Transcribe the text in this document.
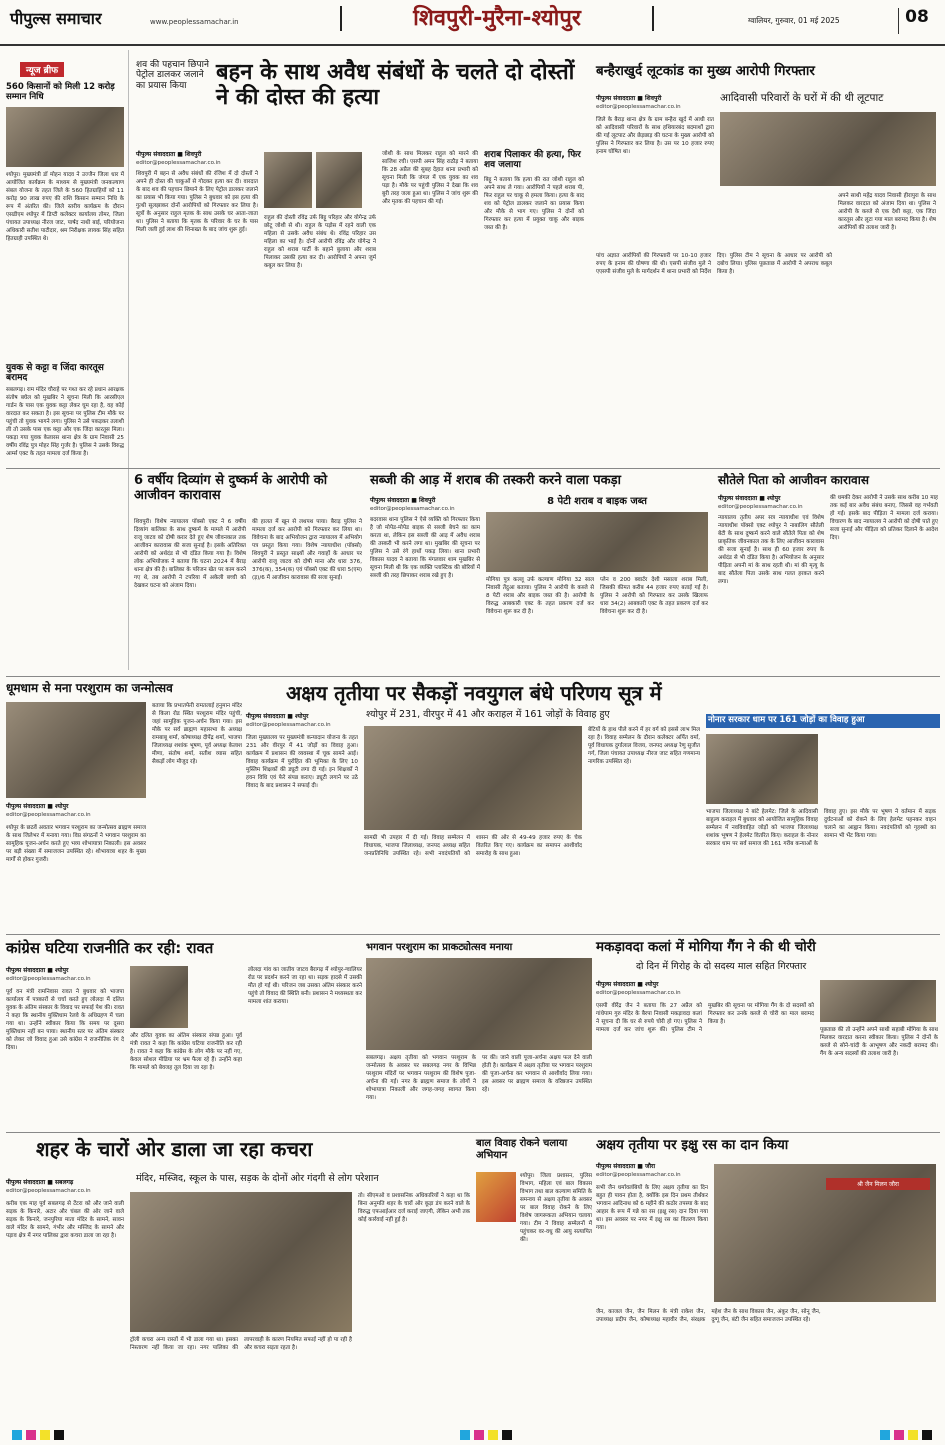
पीपुल्स समाचार	www.peoplessamachar.in	शिवपुरी-मुरैना-श्योपुर	ग्वालियर, गुरुवार, 01 मई 2025	08
न्यूज ब्रीफ
560 किसानों को मिली 12 करोड़ सम्मान निधि
श्योपुर। मुख्यमंत्री डॉ मोहन यादव ने उज्जैन जिला धार में आयोजित कार्यक्रम के माध्यम से मुख्यमंत्री जनकल्याण संबल योजना के तहत जिले के 560 हितग्राहियों को 11 करोड़ 90 लाख रुपए की राशि किसान सम्मान निधि के रूप में अंतरित की। जिले स्तरीय कार्यक्रम के दौरान एसडीएम श्योपुर में डिप्टी कलेक्टर कार्यालय तोमर, जिला पंचायत उपाध्यक्ष नीरज जाट, पार्षद नाथी बाई, परियोजना अधिकारी सतीश पाटीदार, श्रम निरीक्षक लायक सिंह सहित हितग्राही उपस्थित थे।
युवक से कट्टा व जिंदा कारतूस बरामद
सबलगढ़। राम मंदिर चौराहे पर गश्त कर रहे प्रधान आरक्षक संतोष बघेल को मुखबिर ने सूचना मिली कि आरसीएल गार्डन के पास एक युवक कट्टा लेकर घूम रहा है, वह कोई वारदात कर सकता है। इस सूचना पर पुलिस टीम मौके पर पहुंची तो युवक भागने लगा। पुलिस ने उसे पकड़कर तलाशी ली तो उसके पास एक कट्टा और एक जिंदा कारतूस मिला। पकड़ा गया युवक केलारस थाना क्षेत्र के ग्राम निवासी 25 वर्षीय रविंद्र पुत्र मोहर सिंह गुर्जर है। पुलिस ने उसके विरुद्ध आर्म्स एक्ट के तहत मामला दर्ज किया है।
शव की पहचान छिपाने पेट्रोल डालकर जलाने का प्रयास किया
बहन के साथ अवैध संबंधों के चलते दो दोस्तों ने की दोस्त की हत्या
पीपुल्स संवाददाता ■ शिवपुरी
editor@peoplessamachar.co.in
शिवपुरी में बहन से अवैध संबंधों की रंजिश में दो दोस्तों ने अपने ही दोस्त की चाकुओं से गोदकर हत्या कर दी। वारदात के बाद शव की पहचान छिपाने के लिए पेट्रोल डालकर जलाने का प्रयास भी किया गया। पुलिस ने बुधवार को इस हत्या की गुत्थी सुलझाकर दोनों आरोपियों को गिरफ्तार कर लिया है। सूत्रों के अनुसार राहुल मृतक के साथ उसके घर आता-जाता था। पुलिस ने बताया कि मृतक के परिवार के घर के पास मिली जली हुई लाश की शिनाख्त के बाद जांच शुरू हुई।
राहुल की दोस्ती रविंद्र उर्फ बिट्टू परिहार और योगेन्द्र उर्फ छोटू जोशी से थी। राहुल के पड़ोस में रहने वाली एक महिला से उसके अवैध संबंध थे। रविंद्र परिहार उस महिला का भाई है। दोनों आरोपी रविंद्र और योगेन्द्र ने राहुल को शराब पार्टी के बहाने बुलाया और शराब पिलाकर उसकी हत्या कर दी। आरोपियों ने अपना जुर्म कबूल कर लिया है।
जोशी के साथ मिलकर राहुल को मारने की साजिश रची। एसपी अमन सिंह राठौड़ ने बताया कि 28 अप्रैल की सुबह देहात थाना प्रभारी को सूचना मिली कि जंगल में एक युवक का शव पड़ा है। मौके पर पहुंची पुलिस ने देखा कि शव बुरी तरह जला हुआ था। पुलिस ने जांच शुरू की और मृतक की पहचान की गई।
शराब पिलाकर की हत्या, फिर शव जलाया
बिट्टू ने बताया कि हत्या की रात जोशी राहुल को अपने साथ ले गया। आरोपियों ने पहले शराब पी, फिर राहुल पर चाकू से हमला किया। हत्या के बाद शव को पेट्रोल डालकर जलाने का प्रयास किया और मौके से भाग गए। पुलिस ने दोनों को गिरफ्तार कर हत्या में प्रयुक्त चाकू और बाइक जब्त की है।
बन्हैराखुर्द लूटकांड का मुख्य आरोपी गिरफ्तार
पीपुल्स संवाददाता ■ शिवपुरी
editor@peoplessamachar.co.in
आदिवासी परिवारों के घरों में की थी लूटपाट
जिले के बैराड़ थाना क्षेत्र के ग्राम बन्हैरा खुर्द में आधी रात को आदिवासी परिवारों के साथ हथियारबंद बदमाशों द्वारा की गई लूटपाट और छेड़छाड़ की घटना के मुख्य आरोपी को पुलिस ने गिरफ्तार कर लिया है। उस पर 10 हजार रुपए इनाम घोषित था।
पांच अज्ञात आरोपियों की गिरफ्तारी पर 10-10 हजार रुपए के इनाम की घोषणा की थी। एसपी संजीव मुले ने एएसपी संजीव मुले के मार्गदर्शन में थाना प्रभारी को निर्देश दिए। पुलिस टीम ने सूचना के आधार पर आरोपी को दबोच लिया। पुलिस पूछताछ में आरोपी ने अपराध कबूल किया है।
अपने साथी महेंद्र यादव निवासी हीरापुरा के साथ मिलकर वारदात को अंजाम दिया था। पुलिस ने आरोपी के कब्जे से एक देशी कट्टा, एक जिंदा कारतूस और लूटा गया माल बरामद किया है। शेष आरोपियों की तलाश जारी है।
6 वर्षीय दिव्यांग से दुष्कर्म के आरोपी को आजीवन कारावास
शिवपुरी। विशेष न्यायालय पॉक्सो एक्ट ने 6 वर्षीय दिव्यांग बालिका के साथ दुष्कर्म के मामले में आरोपी राजू जाटव को दोषी करार देते हुए शेष जीवनकाल तक आजीवन कारावास की सजा सुनाई है। इसके अतिरिक्त आरोपी को अर्थदंड से भी दंडित किया गया है। विशेष लोक अभियोजक ने बताया कि घटना 2024 में बैराड़ थाना क्षेत्र की है। बालिका के परिजन खेत पर काम करने गए थे, तब आरोपी ने टपरिया में अकेली बच्ची को देखकर घटना को अंजाम दिया।
की हालत में खून से लथपथ पाया। बैराड़ पुलिस ने मामला दर्ज कर आरोपी को गिरफ्तार कर लिया था। विवेचना के बाद अभियोजन द्वारा न्यायालय में अभियोग पत्र प्रस्तुत किया गया। विशेष न्यायाधीश (पॉक्सो) शिवपुरी ने प्रस्तुत साक्ष्यों और गवाहों के आधार पर आरोपी राजू जाटव को दोषी माना और धारा 376, 376(क), 354(क) एवं पॉक्सो एक्ट की धारा 5(एम)(ड़)/6 में आजीवन कारावास की सजा सुनाई।
सब्जी की आड़ में शराब की तस्करी करने वाला पकड़ा
पीपुल्स संवाददाता ■ शिवपुरी
editor@peoplessamachar.co.in
बदरवास थाना पुलिस ने ऐसे व्यक्ति को गिरफ्तार किया है जो मोपेड-मोपेड बाइक से सब्जी बेचने का काम करता था, लेकिन इस सब्जी की आड़ में अवैध शराब की तस्करी भी करने लगा था। मुखबिर की सूचना पर पुलिस ने उसे रंगे हाथों पकड़ लिया। थाना प्रभारी विकास यादव ने बताया कि मंगलवार शाम मुखबिर से सूचना मिली थी कि एक व्यक्ति प्लास्टिक की बोरियों में सब्जी की तरह छिपाकर शराब रखे हुए है।
8 पेटी शराब व बाइक जब्त
मोगिया पुत्र कल्लू उर्फ कल्याण मोगिया 32 साल निवासी तेंदुआ बताया। पुलिस ने आरोपी के कब्जे से 8 पेटी शराब और बाइक जब्त की है। आरोपी के विरुद्ध आबकारी एक्ट के तहत प्रकरण दर्ज कर विवेचना शुरू कर दी है।
प्लेन व 200 क्वार्टर देशी मसाला शराब मिली, जिसकी कीमत करीब 44 हजार रुपए बताई गई है। पुलिस ने आरोपी को गिरफ्तार कर उसके खिलाफ धारा 34(2) आबकारी एक्ट के तहत प्रकरण दर्ज कर विवेचना शुरू कर दी है।
सौतेले पिता को आजीवन कारावास
पीपुल्स संवाददाता ■ श्योपुर
editor@peoplessamachar.co.in
न्यायालय तृतीय अपर सत्र न्यायाधीश एवं विशेष न्यायाधीश पॉक्सो एक्ट श्योपुर ने नाबालिग सौतेली बेटी के साथ दुष्कर्म करने वाले सौतेले पिता को शेष प्राकृतिक जीवनकाल तक के लिए आजीवन कारावास की सजा सुनाई है। साथ ही 60 हजार रुपए के अर्थदंड से भी दंडित किया है। अभियोजन के अनुसार पीड़िता अपनी मां के साथ रहती थी। मां की मृत्यु के बाद सौतेला पिता उसके साथ गलत हरकत करने लगा।
की धमकी देकर आरोपी ने उसके साथ करीब 10 माह तक कई बार अवैध संबंध बनाए, जिससे वह गर्भवती हो गई। इसके बाद पीड़िता ने मामला दर्ज कराया। विचारण के बाद न्यायालय ने आरोपी को दोषी पाते हुए सजा सुनाई और पीड़िता को प्रतिकर दिलाने के आदेश दिए।
धूमधाम से मना परशुराम का जन्मोत्सव
पीपुल्स संवाददाता ■ श्योपुर
editor@peoplessamachar.co.in
श्योपुर के छठवें अवतार भगवान परशुराम का जन्मोत्सव ब्राह्मण समाज के साथ जिलेभर में मनाया गया। विप्र संगठनों ने भगवान परशुराम का सामूहिक पूजन-अर्चन करते हुए भव्य शोभायात्रा निकाली। इस अवसर पर बड़ी संख्या में समाजजन उपस्थित रहे। शोभायात्रा शहर के मुख्य मार्गों से होकर गुजरी।
बताया कि प्रभातफेरी रामतलाई हनुमान मंदिर से किला रोड स्थित परशुराम मंदिर पहुंची, जहां सामूहिक पूजन-अर्चन किया गया। इस मौके पर सर्व ब्राह्मण महासभा के अध्यक्ष रामबाबू शर्मा, कोषाध्यक्ष दीपेंद्र शर्मा, भाजपा जिलाध्यक्ष शशांक भूषण, पूर्व अध्यक्ष केलाश मीणा, संतोष शर्मा, सतीश व्यास सहित सैकड़ों लोग मौजूद रहे।
अक्षय तृतीया पर सैकड़ों नवयुगल बंधे परिणय सूत्र में
श्योपुर में 231, वीरपुर में 41 और कराहल में 161 जोड़ों के विवाह हुए
पीपुल्स संवाददाता ■ श्योपुर
editor@peoplessamachar.co.in
जिला मुख्यालय पर मुख्यमंत्री कन्यादान योजना के तहत 231 और वीरपुर में 41 जोड़ों का विवाह हुआ। कार्यक्रम में प्रशासन की व्यवस्था में चूक सामने आई। विवाह कार्यक्रम में पुरोहित की भूमिका के लिए 10 मुस्लिम शिक्षकों की ड्यूटी लगा दी गई। इन शिक्षकों ने हवन विधि एवं फेरे संपन्न कराए। ड्यूटी लगाने पर उठे विवाद के बाद प्रशासन ने सफाई दी।
सामग्री भी उपहार में दी गई। विवाह सम्मेलन में विधायक, भाजपा जिलाध्यक्ष, जनपद अध्यक्ष सहित जनप्रतिनिधि उपस्थित रहे। सभी नवदंपतियों को शासन की ओर से 49-49 हजार रुपए के चेक वितरित किए गए। कार्यक्रम का समापन आशीर्वाद समारोह के साथ हुआ।
बेटियों के हाथ पीले करने में हर वर्ग को इससे लाभ मिल रहा है। विवाह सम्मेलन के दौरान कलेक्टर अर्पित वर्मा, पूर्व विधायक दुर्गालाल विजय, जनपद अध्यक्ष रेणु सुजीत गर्ग, जिला पंचायत उपाध्यक्ष नीरज जाट सहित गणमान्य नागरिक उपस्थित रहे।
नोनार सरकार धाम पर 161 जोड़ों का विवाह हुआ
भाजपा जिलाध्यक्ष ने बांटे हेलमेट: जिले के आदिवासी बाहुल्य कराहल में बुधवार को आयोजित सामूहिक विवाह सम्मेलन में नवविवाहित जोड़ों को भाजपा जिलाध्यक्ष शशांक भूषण ने हेलमेट वितरित किए। कराहल के नोनार सरकार धाम पर सर्व समाज की 161 गरीब कन्याओं के विवाह हुए। इस मौके पर भूषण ने वर्तमान में सड़क दुर्घटनाओं को रोकने के लिए हेलमेट पहनकर वाहन चलाने का आह्वान किया। नवदंपतियों को गृहस्थी का सामान भी भेंट किया गया।
कांग्रेस घटिया राजनीति कर रही: रावत
पीपुल्स संवाददाता ■ श्योपुर
editor@peoplessamachar.co.in
पूर्व वन मंत्री रामनिवास रावत ने बुधवार को भाजपा कार्यालय में पत्रकारों से चर्चा करते हुए लोलदा में दलित युवक के अंतिम संस्कार के विवाद पर सफाई पेश की। रावत ने कहा कि स्थानीय मुक्तिधाम रेलवे के अधिग्रहण में चला गया था। उन्होंने स्वीकार किया कि समय पर दूसरा मुक्तिधाम नहीं बन पाया। स्थानीय स्तर पर अंतिम संस्कार को लेकर जो विवाद हुआ उसे कांग्रेस ने राजनीतिक रंग दे दिया।
और दलित युवक का अंतिम संस्कार संपन्न हुआ। पूर्व मंत्री रावत ने कहा कि कांग्रेस घटिया राजनीति कर रही है। रावत ने कहा कि कांग्रेस के लोग मौके पर नहीं गए, केवल सोशल मीडिया पर भ्रम फैला रहे हैं। उन्होंने कहा कि मामले को बेवजह तूल दिया जा रहा है।
लोलदा गांव का जातीय जाटव बैरागढ़ में श्योपुर-ग्वालियर रोड पर प्रदर्शन करने जा रहा था। सड़क हादसे में उसकी मौत हो गई थी। परिजन जब उसका अंतिम संस्कार करने पहुंचे तो विवाद की स्थिति बनी। प्रशासन ने मध्यस्थता कर मामला शांत कराया।
भगवान परशुराम का प्राकट्योत्सव मनाया
सबलगढ़। अक्षय तृतीया को भगवान परशुराम के जन्मोत्सव के अवसर पर सबलगढ़ नगर के विभिन्न परशुराम मंदिरों पर भगवान परशुराम की विशेष पूजा-अर्चना की गई। नगर के ब्राह्मण समाज के लोगों ने शोभायात्रा निकाली और जगह-जगह स्वागत किया गया।
पर की। जाने वाली पूजा-अर्चना अक्षय फल देने वाली होती है। कार्यक्रम में अक्षय तृतीया पर भगवान परशुराम की पूजा-अर्चना कर भगवान से आशीर्वाद लिया गया। इस अवसर पर ब्राह्मण समाज के वरिष्ठजन उपस्थित रहे।
मकड़ावदा कलां में मोगिया गैंग ने की थी चोरी
दो दिन में गिरोह के दो सदस्य माल सहित गिरफ्तार
पीपुल्स संवाददाता ■ श्योपुर
editor@peoplessamachar.co.in
एसपी वीरेंद्र जैन ने बताया कि 27 अप्रैल को गांधेपाम गुरु मंदिर के बैरपा निवासी मकड़ावदा कलां ने सूचना दी कि घर से रुपये चोरी हो गए। पुलिस ने मामला दर्ज कर जांच शुरू की। पुलिस टीम ने मुखबिर की सूचना पर मोगिया गैंग के दो सदस्यों को गिरफ्तार कर उनके कब्जे से चोरी का माल बरामद किया है।
पूछताछ की तो उन्होंने अपने साथी सहाबी मोगिया के साथ मिलकर वारदात करना स्वीकार किया। पुलिस ने दोनों के कब्जे से सोने-चांदी के आभूषण और नकदी बरामद की। गैंग के अन्य सदस्यों की तलाश जारी है।
शहर के चारों ओर डाला जा रहा कचरा
पीपुल्स संवाददाता ■ सबलगढ़
editor@peoplessamachar.co.in
मंदिर, मस्जिद, स्कूल के पास, सड़क के दोनों ओर गंदगी से लोग परेशान
करीब एक माह पूर्व सबलगढ़ से टेंटरा को और जाने वाली सड़क के किनारे, अटार और चंबल की ओर जाने वाले सड़क के किनारे, जनपुरिया माता मंदिर के सामने, सावन वाले मंदिर के सामने, गंभीर और मस्जिद के सामने और पड़ाव क्षेत्र में नगर पालिका द्वारा कचरा डाला जा रहा है।
ट्रॉली कचरा अन्य रास्तों में भी डाला गया था। इसका निस्तारण नहीं किया जा रहा। नगर पालिका की लापरवाही के कारण नियमित सफाई नहीं हो पा रही है और कचरा सड़ता रहता है।
तो। सीएमओ व प्रशासनिक अधिकारियों ने कहा था कि बिना अनुमति शहर के चारों ओर कूड़ा डंप करने वाले के विरुद्ध एफआईआर दर्ज कराई जाएगी, लेकिन अभी तक कोई कार्रवाई नहीं हुई है।
बाल विवाह रोकने चलाया अभियान
श्योपुर। जिला प्रशासन, पुलिस विभाग, महिला एवं बाल विकास विभाग तथा बाल कल्याण समिति के समन्वय से अक्षय तृतीया के अवसर पर बाल विवाह रोकने के लिए विशेष जागरूकता अभियान चलाया गया। टीम ने विवाह सम्मेलनों में पहुंचकर वर-वधु की आयु सत्यापित की।
अक्षय तृतीया पर इक्षु रस का दान किया
पीपुल्स संवाददाता ■ जौरा
editor@peoplessamachar.co.in
सभी जैन धर्मावलंबियों के लिए अक्षय तृतीया का दिन बहुत ही पावन होता है, क्योंकि इस दिन प्रथम तीर्थंकर भगवान आदिनाथ को 6 महीने की कठोर तपस्या के बाद आहार के रूप में गन्ने का रस (इक्षु रस) दान दिया गया था। इस अवसर पर नगर में इक्षु रस का वितरण किया गया।
श्री जैन मिलन जौरा
जैन, काजल जैन, जैन मिलन के मंत्री राकेश जैन, उपाध्यक्ष प्रदीप जैन, कोषाध्यक्ष महावीर जैन, संरक्षक महेश जैन के साथ विकास जैन, अंकुर जैन, सोनू जैन, दुग्गू जैन, बंटी जैन सहित समाजजन उपस्थित रहे।
